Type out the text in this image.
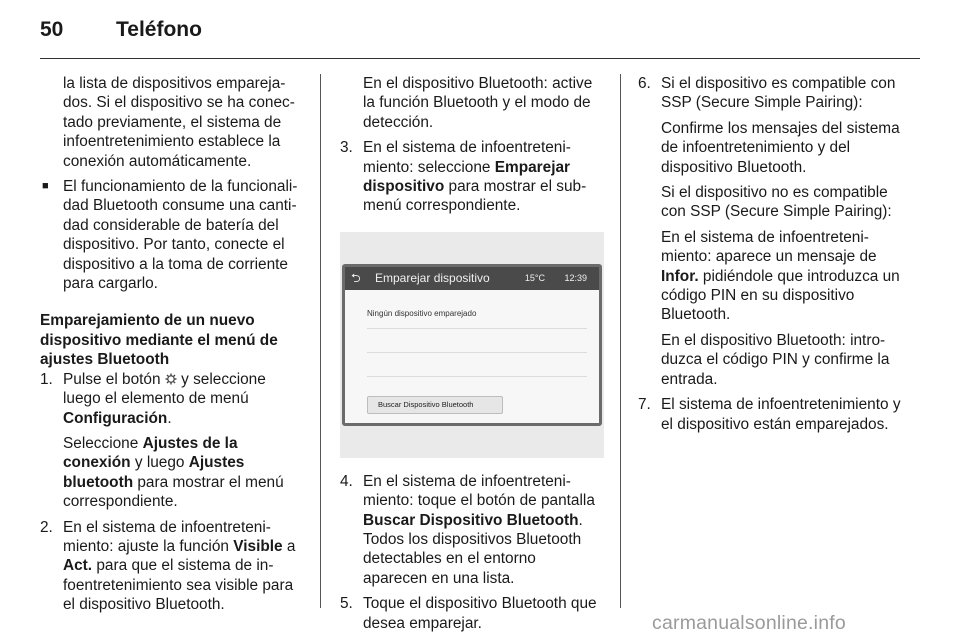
50	Teléfono

la lista de dispositivos emparejados. Si el dispositivo se ha conectado previamente, el sistema de infoentretenimiento establece la conexión automáticamente.

■ El funcionamiento de la funcionalidad Bluetooth consume una cantidad considerable de batería del dispositivo. Por tanto, conecte el dispositivo a la toma de corriente para cargarlo.

Emparejamiento de un nuevo dispositivo mediante el menú de ajustes Bluetooth

1. Pulse el botón y seleccione luego el elemento de menú Configuración.

Seleccione Ajustes de la conexión y luego Ajustes bluetooth para mostrar el menú correspondiente.

2. En el sistema de infoentretenimiento: ajuste la función Visible a Act. para que el sistema de infoentretenimiento sea visible para el dispositivo Bluetooth.

En el dispositivo Bluetooth: active la función Bluetooth y el modo de detección.

3. En el sistema de infoentretenimiento: seleccione Emparejar dispositivo para mostrar el submenú correspondiente.
⮌ Emparejar dispositivo	15°C 12:39
Ningún dispositivo emparejado
Buscar Dispositivo Bluetooth
4. En el sistema de infoentretenimiento: toque el botón de pantalla Buscar Dispositivo Bluetooth. Todos los dispositivos Bluetooth detectables en el entorno aparecen en una lista.
5. Toque el dispositivo Bluetooth que desea emparejar.
6. Si el dispositivo es compatible con SSP (Secure Simple Pairing):

Confirme los mensajes del sistema de infoentretenimiento y del dispositivo Bluetooth.

Si el dispositivo no es compatible con SSP (Secure Simple Pairing):

En el sistema de infoentretenimiento: aparece un mensaje de Infor. pidiéndole que introduzca un código PIN en su dispositivo Bluetooth.

En el dispositivo Bluetooth: introduzca el código PIN y confirme la entrada.

7. El sistema de infoentretenimiento y el dispositivo están emparejados.
carmanualsonline.info
